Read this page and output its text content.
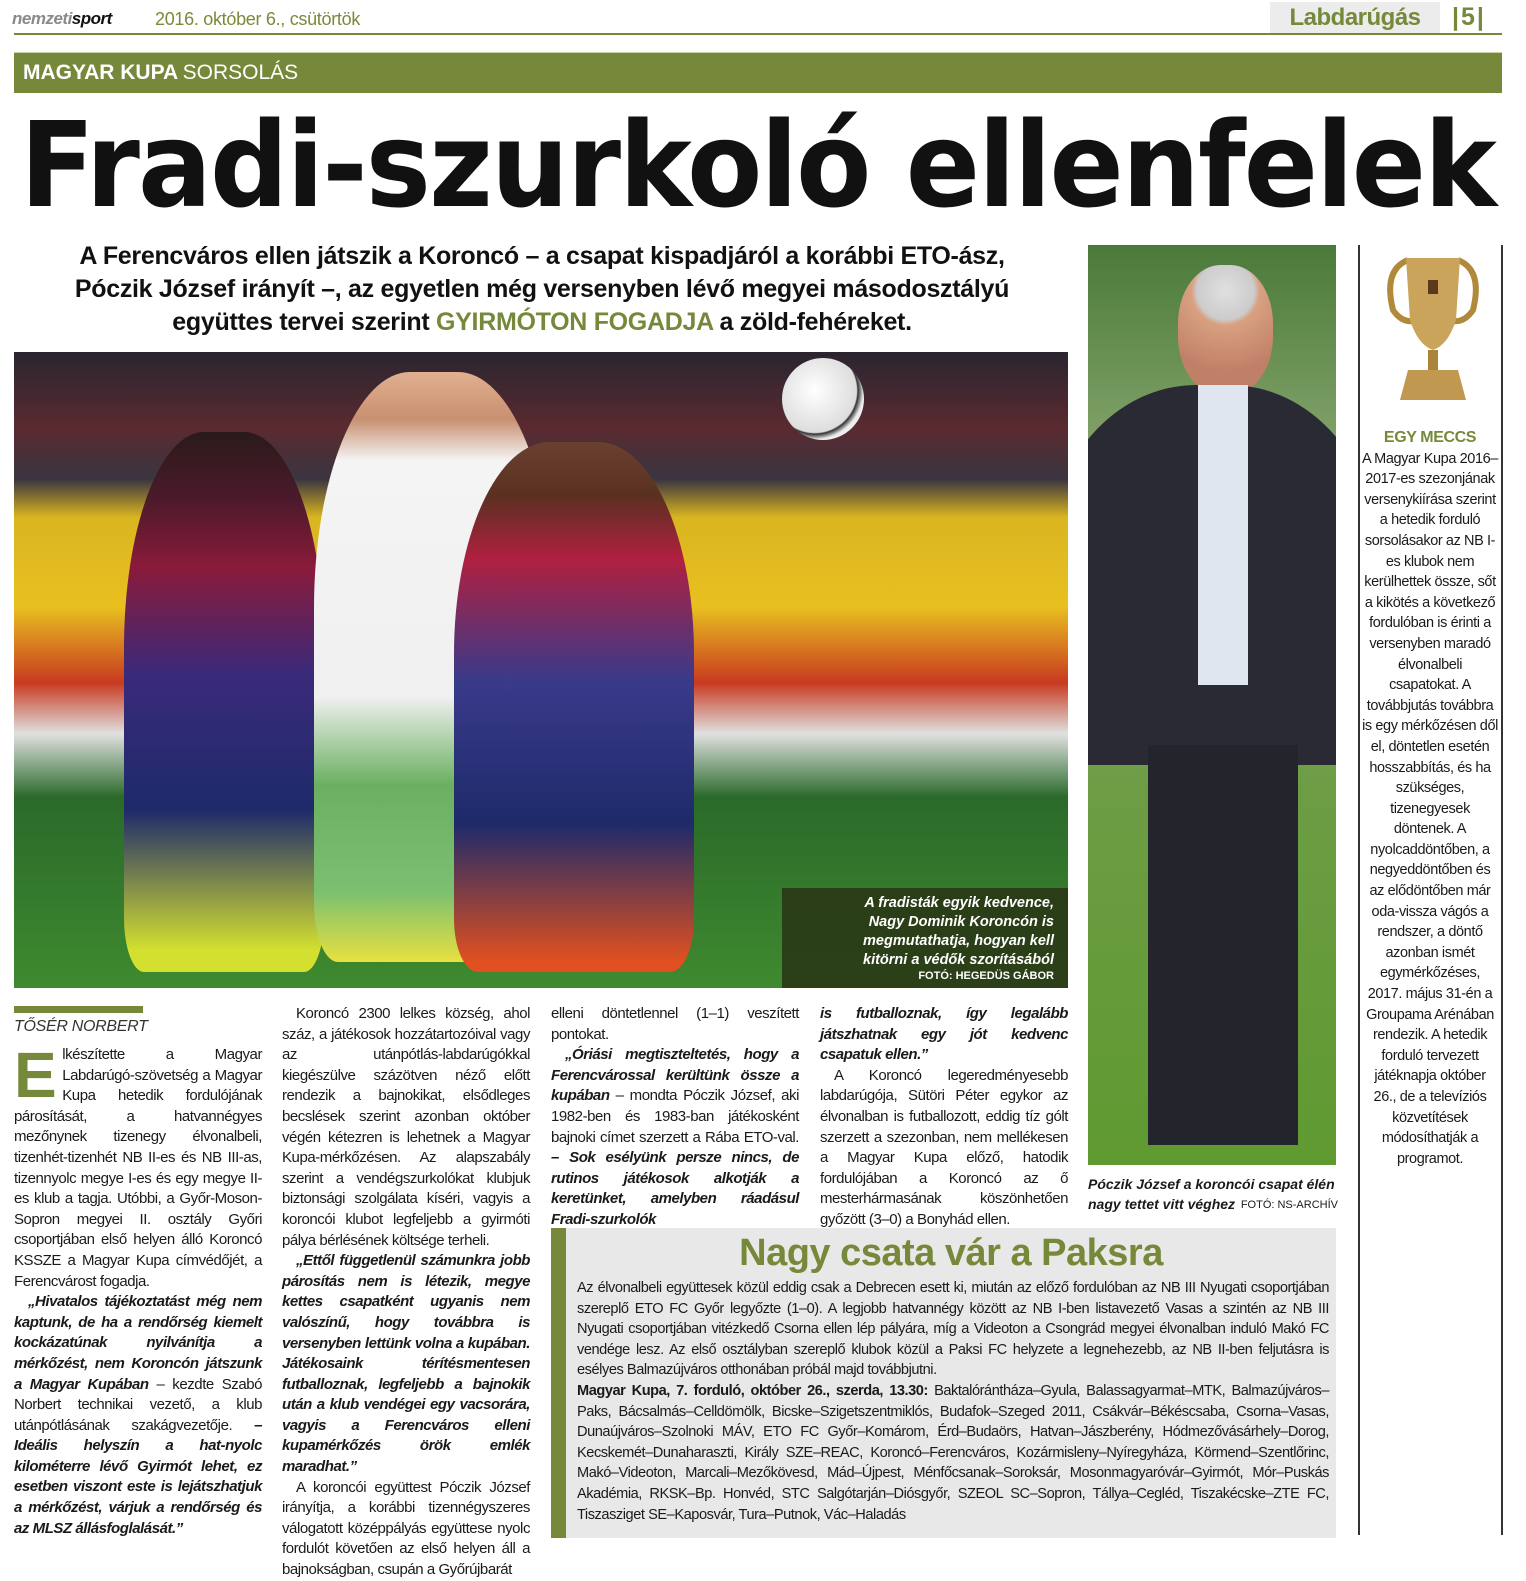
nemzetisport 2016. október 6., csütörtök	Labdarúgás	|5|
MAGYAR KUPA SORSOLÁS
Fradi-szurkoló ellenfelek
A Ferencváros ellen játszik a Koroncó – a csapat kispadjáról a korábbi ETO-ász,
Póczik József irányít –, az egyetlen még versenyben lévő megyei másodosztályú
együttes tervei szerint GYIRMÓTON FOGADJA a zöld-fehéreket.
A fradisták egyik kedvence,
Nagy Dominik Koroncón is
megmutathatja, hogyan kell
kitörni a védők szorításából
FOTÓ: HEGEDÜS GÁBOR
Póczik József a koroncói csapat élén
nagy tettet vitt véghez FOTÓ: NS-ARCHÍV
EGY MECCS
A Magyar Kupa 2016–2017-es szezonjának versenykiírása szerint a hetedik forduló sorsolásakor az NB I-es klubok nem kerülhettek össze, sőt a kikötés a következő fordulóban is érinti a versenyben maradó élvonalbeli csapatokat. A továbbjutás továbbra is egy mérkőzésen dől el, döntetlen esetén hosszabbítás, és ha szükséges, tizenegyesek döntenek. A nyolcaddöntőben, a negyeddöntőben és az elődöntőben már oda-vissza vágós a rendszer, a döntő azonban ismét egymérkőzéses, 2017. május 31-én a Groupama Arénában rendezik. A hetedik forduló tervezett játéknapja október 26., de a televíziós közvetítések módosíthatják a programot.
TŐSÉR NORBERT

Elkészítette a Magyar Labdarúgó-szövetség a Magyar Kupa hetedik fordulójának párosítását, a hatvannégyes mezőnynek tizenegy élvonalbeli, tizenhét-tizenhét NB II-es és NB III-as, tizennyolc megye I-es és egy megye II-es klub a tagja. Utóbbi, a Győr-Moson-Sopron megyei II. osztály Győri csoportjában első helyen álló Koroncó KSSZE a Magyar Kupa címvédőjét, a Ferencvárost fogadja.

„Hivatalos tájékoztatást még nem kaptunk, de ha a rendőrség kiemelt kockázatúnak nyilvánítja a mérkőzést, nem Koroncón játszunk a Magyar Kupában – kezdte Szabó Norbert technikai vezető, a klub utánpótlásának szakágvezetője. – Ideális helyszín a hat-nyolc kilométerre lévő Gyirmót lehet, ez esetben viszont este is lejátszhatjuk a mérkőzést, várjuk a rendőrség és az MLSZ állásfoglalását.”

Koroncó 2300 lelkes község, ahol száz, a játékosok hozzátartozóival vagy az utánpótlás-labdarúgókkal kiegészülve százötven néző előtt rendezik a bajnokikat, elsődleges becslések szerint azonban október végén kétezren is lehetnek a Magyar Kupa-mérkőzésen. Az alapszabály szerint a vendégszurkolókat klubjuk biztonsági szolgálata kíséri, vagyis a koroncói klubot legfeljebb a gyirmóti pálya bérlésének költsége terheli.

„Ettől függetlenül számunkra jobb párosítás nem is létezik, megye kettes csapatként ugyanis nem valószínű, hogy továbbra is versenyben lettünk volna a kupában. Játékosaink térítésmentesen futballoznak, legfeljebb a bajnokik után a klub vendégei egy vacsorára, vagyis a Ferencváros elleni kupamérkőzés örök emlék maradhat.”

A koroncói együttest Póczik József irányítja, a korábbi tizennégyszeres válogatott középpályás együttese nyolc fordulót követően az első helyen áll a bajnokságban, csupán a Győrújbarát

elleni döntetlennel (1–1) veszített pontokat.

„Óriási megtiszteltetés, hogy a Ferencvárossal kerültünk össze a kupában – mondta Póczik József, aki 1982-ben és 1983-ban játékosként bajnoki címet szerzett a Rába ETO-val. – Sok esélyünk persze nincs, de rutinos játékosok alkotják a keretünket, amelyben ráadásul Fradi-szurkolók

is futballoznak, így legalább játszhatnak egy jót kedvenc csapatuk ellen.”

A Koroncó legeredményesebb labdarúgója, Sütöri Péter egykor az élvonalban is futballozott, eddig tíz gólt szerzett a szezonban, nem mellékesen a Magyar Kupa előző, hatodik fordulójában a Koroncó az ő mesterhármasának köszönhetően győzött (3–0) a Bonyhád ellen.

Nagy csata vár a Paksra

Az élvonalbeli együttesek közül eddig csak a Debrecen esett ki, miután az előző fordulóban az NB III Nyugati csoportjában szereplő ETO FC Győr legyőzte (1–0). A legjobb hatvannégy között az NB I-ben listavezető Vasas a szintén az NB III Nyugati csoportjában vitézkedő Csorna ellen lép pályára, míg a Videoton a Csongrád megyei élvonalban induló Makó FC vendége lesz. Az első osztályban szereplő klubok közül a Paksi FC helyzete a legnehezebb, az NB II-ben feljutásra is esélyes Balmazújváros otthonában próbál majd továbbjutni.

Magyar Kupa, 7. forduló, október 26., szerda, 13.30: Baktalórántháza–Gyula, Balassagyarmat–MTK, Balmazújváros–Paks, Bácsalmás–Celldömölk, Bicske–Szigetszentmiklós, Budafok–Szeged 2011, Csákvár–Békéscsaba, Csorna–Vasas, Dunaújváros–Szolnoki MÁV, ETO FC Győr–Komárom, Érd–Budaörs, Hatvan–Jászberény, Hódmezővásárhely–Dorog, Kecskemét–Dunaharaszti, Király SZE–REAC, Koroncó–Ferencváros, Kozármisleny–Nyíregyháza, Körmend–Szentlőrinc, Makó–Videoton, Marcali–Mezőkövesd, Mád–Újpest, Ménfőcsanak–Soroksár, Mosonmagyaróvár–Gyirmót, Mór–Puskás Akadémia, RKSK–Bp. Honvéd, STC Salgótarján–Diósgyőr, SZEOL SC–Sopron, Tállya–Cegléd, Tiszakécske–ZTE FC, Tiszasziget SE–Kaposvár, Tura–Putnok, Vác–Haladás
